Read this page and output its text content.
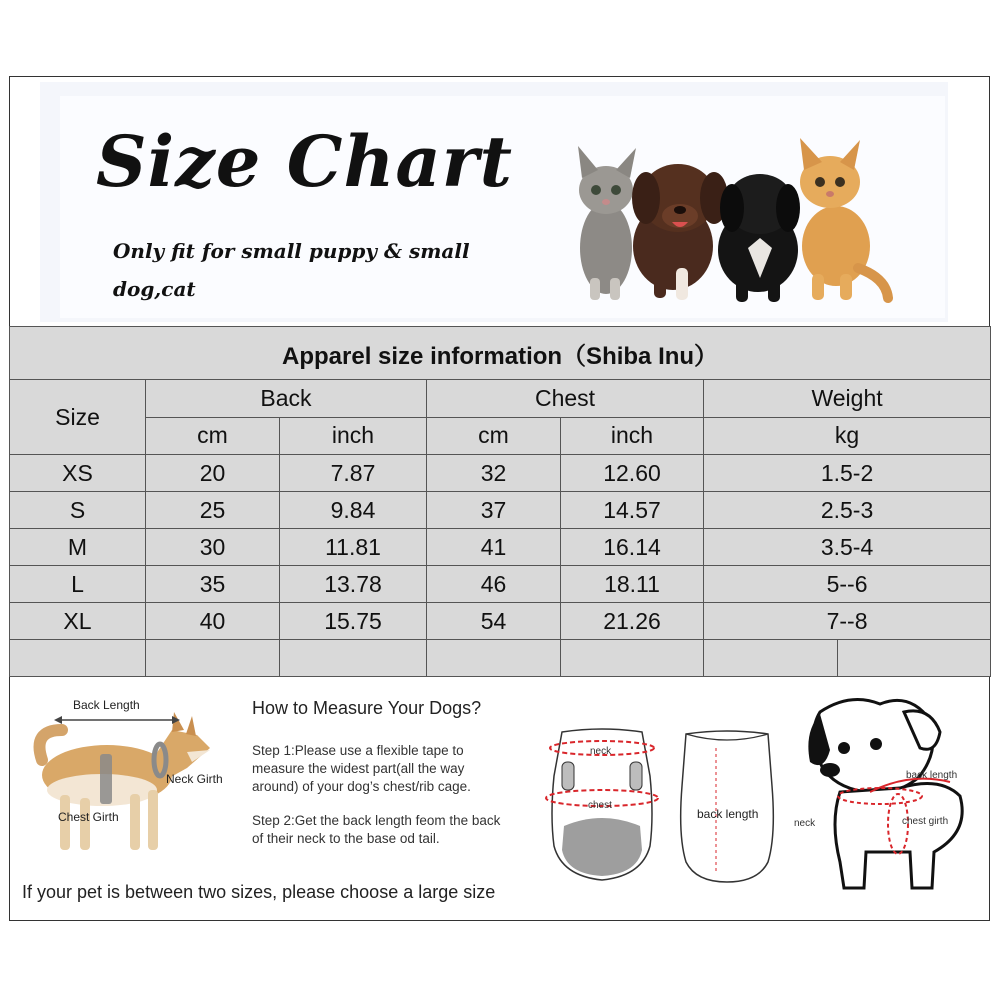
Size Chart
Only fit for small puppy & small dog,cat
Apparel size information（Shiba Inu）						
Size	Back		Chest		Weight	
	cm	inch	cm	inch	kg	
XS	20	7.87	32	12.60	1.5-2	
S	25	9.84	37	14.57	2.5-3	
M	30	11.81	41	16.14	3.5-4	
L	35	13.78	46	18.11	5--6	
XL	40	15.75	54	21.26	7--8	

Back Length
Neck Girth
Chest Girth
How to Measure Your Dogs?
Step 1:Please use a flexible tape to measure the widest part(all the way around) of your dog’s chest/rib cage.
Step 2:Get the back length feom the back of their neck to the base od tail.
neck
chest
back length
back length
neck	chest girth
If your pet is between two sizes, please choose a large size
